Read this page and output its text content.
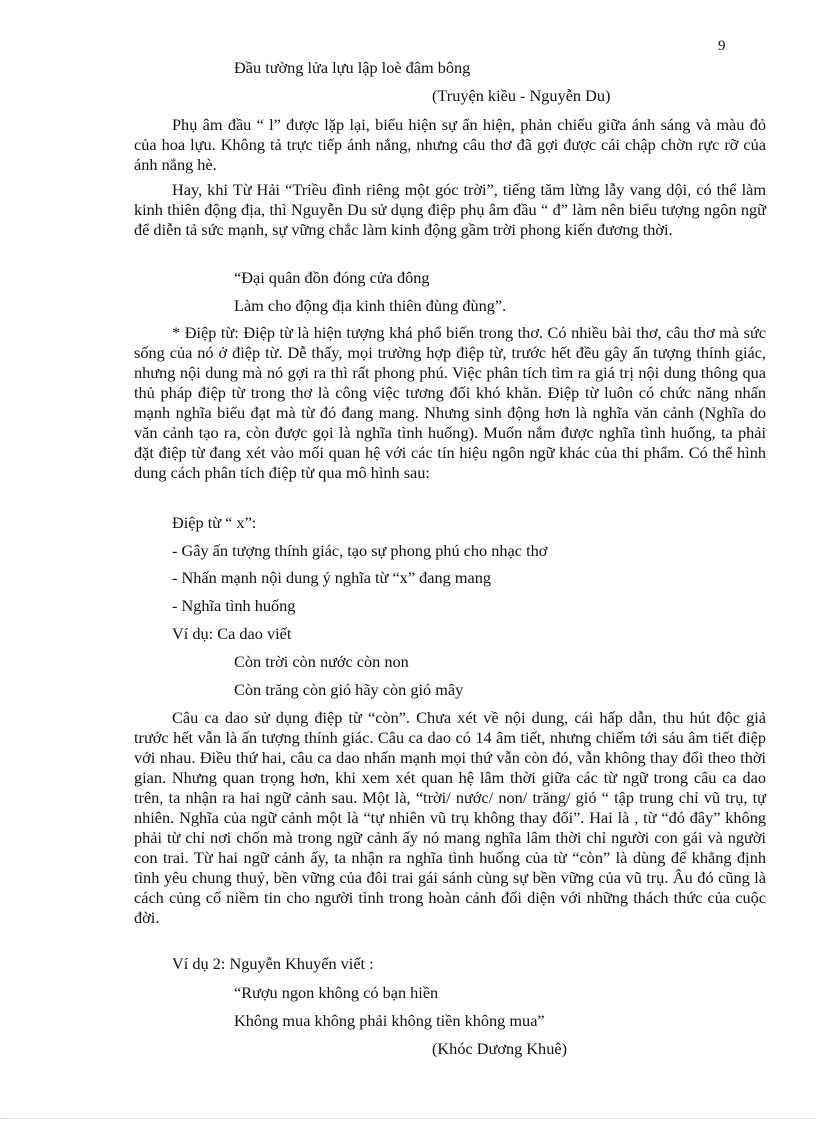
9
Đầu tường lửa lựu lập loè đâm bông
(Truyện kiều - Nguyễn Du)

Phụ âm đầu “ l” được lặp lại, biểu hiện sự ẩn hiện, phản chiếu giữa ánh sáng và màu đỏ của hoa lựu. Không tả trực tiếp ánh nắng, nhưng câu thơ đã gợi được cái chập chờn rực rỡ của ánh nắng hè.

Hay, khi Từ Hải “Triều đình riêng một góc trời”, tiếng tăm lừng lẫy vang dội, có thể làm kinh thiên động địa, thì Nguyễn Du sử dụng điệp phụ âm đầu “ đ” làm nên biểu tượng ngôn ngữ để diễn tả sức mạnh, sự vững chắc làm kinh động gầm trời phong kiến đương thời.

“Đại quân đồn đóng cửa đông
Làm cho động địa kinh thiên đùng đùng”.

* Điệp từ: Điệp từ là hiện tượng khá phổ biến trong thơ. Có nhiều bài thơ, câu thơ mà sức sống của nó ở điệp từ. Dễ thấy, mọi trường hợp điệp từ, trước hết đều gây ấn tượng thính giác, nhưng nội dung mà nó gợi ra thì rất phong phú. Việc phân tích tìm ra giá trị nội dung thông qua thủ pháp điệp từ trong thơ là công việc tương đối khó khăn. Điệp từ luôn có chức năng nhấn mạnh nghĩa biểu đạt mà từ đó đang mang. Nhưng sinh động hơn là nghĩa văn cảnh (Nghĩa do văn cảnh tạo ra, còn được gọi là nghĩa tình huống). Muốn nắm được nghĩa tình huống, ta phải đặt điệp từ đang xét vào mối quan hệ với các tín hiệu ngôn ngữ khác của thi phẩm. Có thể hình dung cách phân tích điệp từ qua mô hình sau:

Điệp từ “ x”:
- Gây ấn tượng thính giác, tạo sự phong phú cho nhạc thơ
- Nhấn mạnh nội dung ý nghĩa từ “x” đang mang
- Nghĩa tình huống
Ví dụ: Ca dao viết
Còn trời còn nước còn non
Còn trăng còn gió hãy còn gió mây

Câu ca dao sử dụng điệp từ “còn”. Chưa xét về nội dung, cái hấp dẫn, thu hút độc giả trước hết vẫn là ấn tượng thính giác. Câu ca dao có 14 âm tiết, nhưng chiếm tới sáu âm tiết điệp với nhau. Điều thứ hai, câu ca dao nhấn mạnh mọi thứ vẫn còn đó, vẫn không thay đổi theo thời gian. Nhưng quan trọng hơn, khi xem xét quan hệ lâm thời giữa các từ ngữ trong câu ca dao trên, ta nhận ra hai ngữ cảnh sau. Một là, “trời/ nước/ non/ trăng/ gió “ tập trung chỉ vũ trụ, tự nhiên. Nghĩa của ngữ cảnh một là “tự nhiên vũ trụ không thay đổi”. Hai là , từ “đó đây” không phải từ chỉ nơi chốn mà trong ngữ cảnh ấy nó mang nghĩa lâm thời chỉ người con gái và người con trai. Từ hai ngữ cảnh ấy, ta nhận ra nghĩa tình huống của từ “còn” là dùng để khẳng định tình yêu chung thuỷ, bền vững của đôi trai gái sánh cùng sự bền vững của vũ trụ. Âu đó cũng là cách củng cố niềm tin cho người tình trong hoàn cảnh đối diện với những thách thức của cuộc đời.

Ví dụ 2: Nguyễn Khuyến viết :
“Rượu ngon không có bạn hiền
Không mua không phải không tiền không mua”
(Khóc Dương Khuê)
